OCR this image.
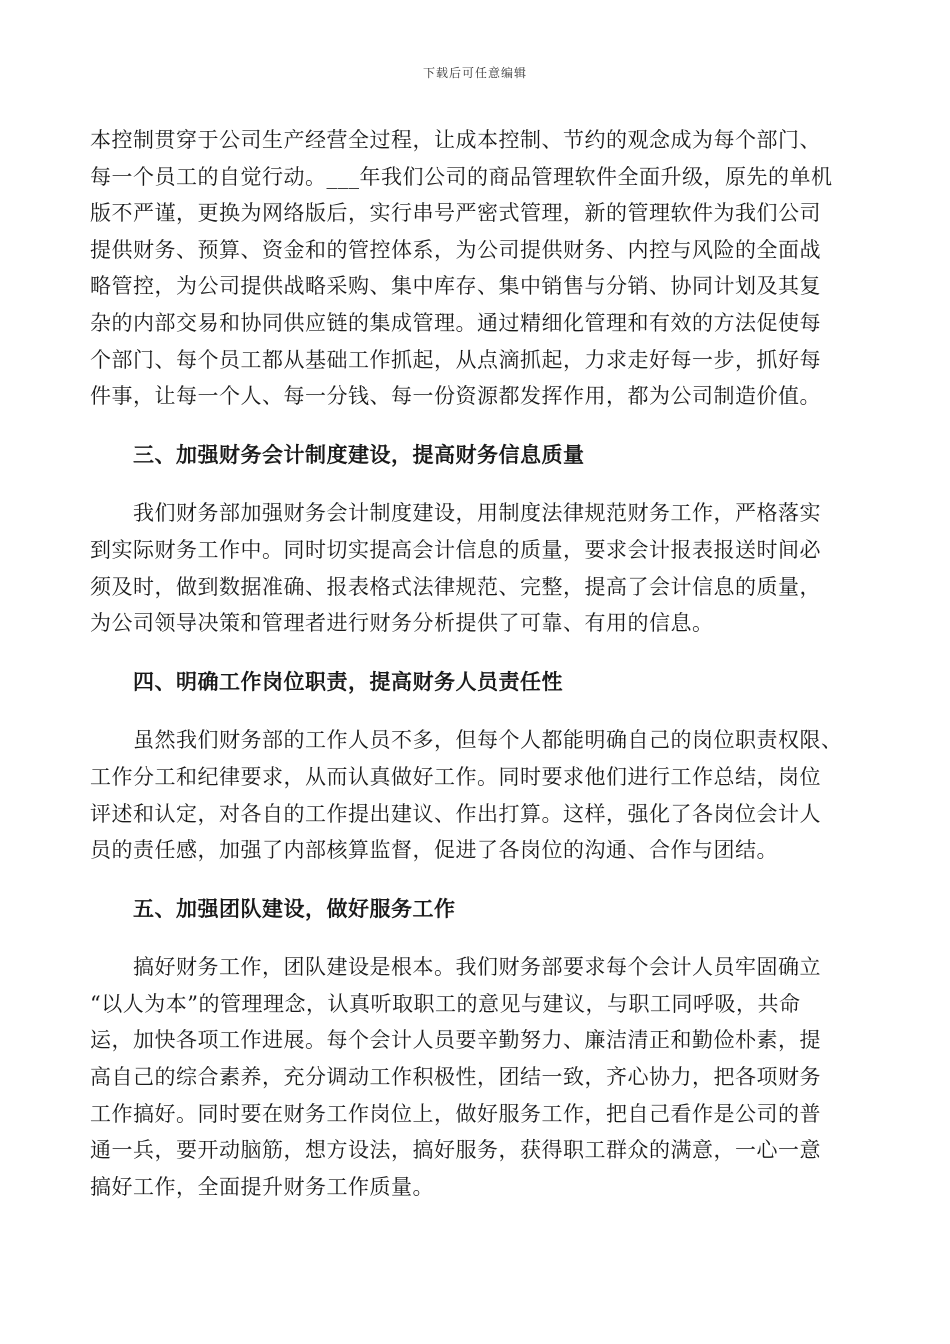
下载后可任意编辑
本控制贯穿于公司生产经营全过程，让成本控制、节约的观念成为每个部门、
每一个员工的自觉行动。___年我们公司的商品管理软件全面升级，原先的单机
版不严谨，更换为网络版后，实行串号严密式管理，新的管理软件为我们公司
提供财务、预算、资金和的管控体系，为公司提供财务、内控与风险的全面战
略管控，为公司提供战略采购、集中库存、集中销售与分销、协同计划及其复
杂的内部交易和协同供应链的集成管理。通过精细化管理和有效的方法促使每
个部门、每个员工都从基础工作抓起，从点滴抓起，力求走好每一步，抓好每
件事，让每一个人、每一分钱、每一份资源都发挥作用，都为公司制造价值。
三、加强财务会计制度建设，提高财务信息质量
我们财务部加强财务会计制度建设，用制度法律规范财务工作，严格落实
到实际财务工作中。同时切实提高会计信息的质量，要求会计报表报送时间必
须及时，做到数据准确、报表格式法律规范、完整，提高了会计信息的质量，
为公司领导决策和管理者进行财务分析提供了可靠、有用的信息。
四、明确工作岗位职责，提高财务人员责任性
虽然我们财务部的工作人员不多，但每个人都能明确自己的岗位职责权限、
工作分工和纪律要求，从而认真做好工作。同时要求他们进行工作总结，岗位
评述和认定，对各自的工作提出建议、作出打算。这样，强化了各岗位会计人
员的责任感，加强了内部核算监督，促进了各岗位的沟通、合作与团结。
五、加强团队建设，做好服务工作
搞好财务工作，团队建设是根本。我们财务部要求每个会计人员牢固确立
“以人为本”的管理理念，认真听取职工的意见与建议，与职工同呼吸，共命
运，加快各项工作进展。每个会计人员要辛勤努力、廉洁清正和勤俭朴素，提
高自己的综合素养，充分调动工作积极性，团结一致，齐心协力，把各项财务
工作搞好。同时要在财务工作岗位上，做好服务工作，把自己看作是公司的普
通一兵，要开动脑筋，想方设法，搞好服务，获得职工群众的满意，一心一意
搞好工作，全面提升财务工作质量。
